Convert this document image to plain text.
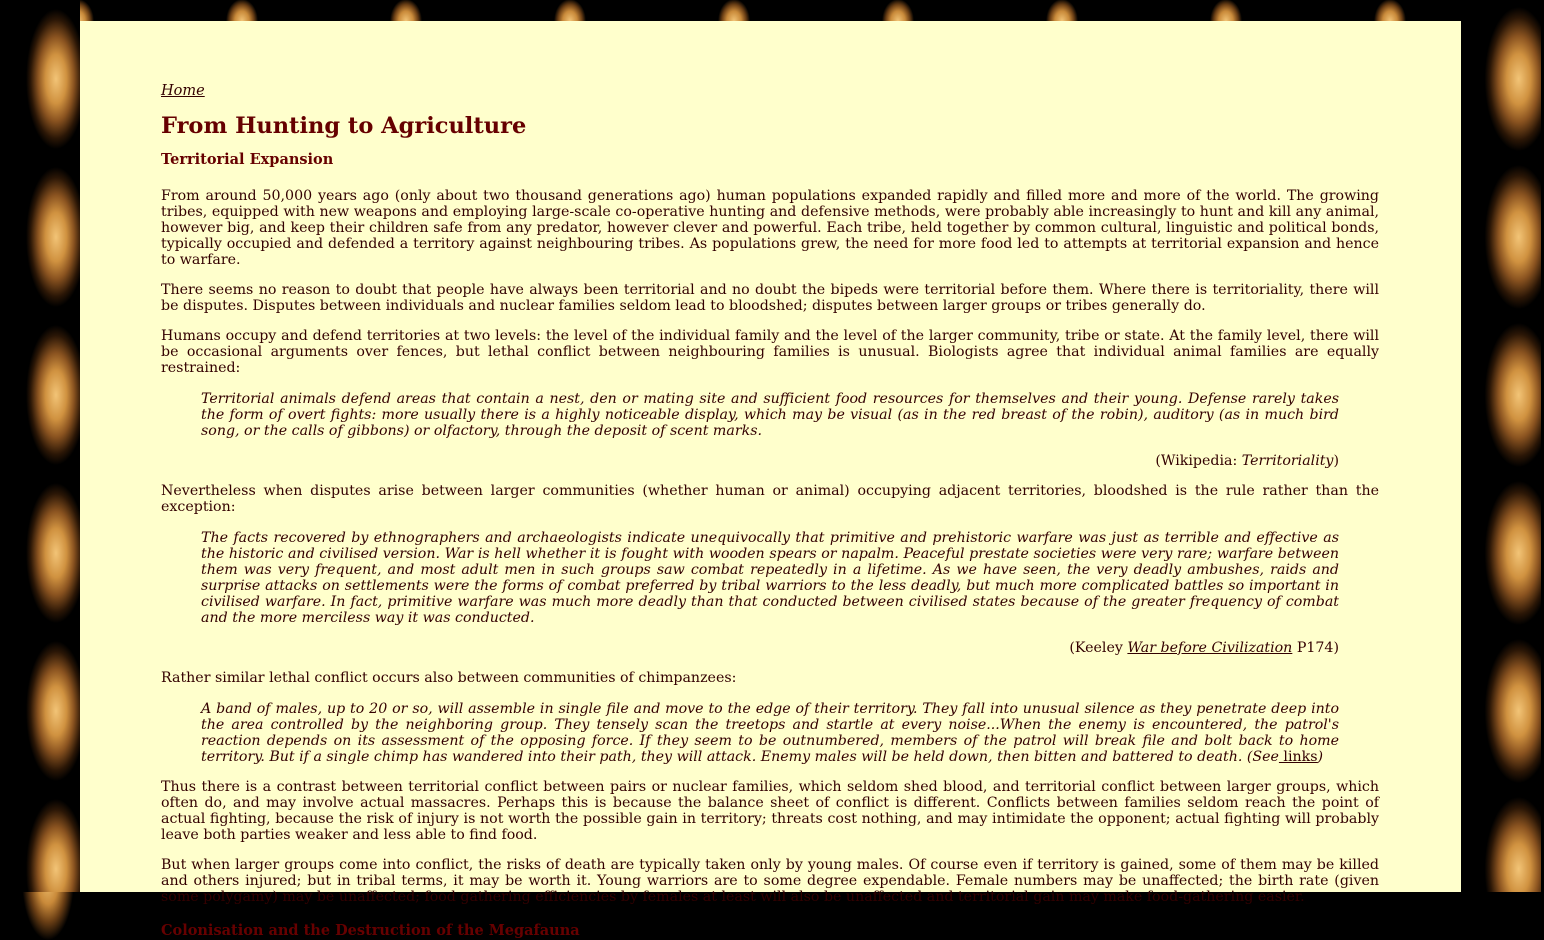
Home
From Hunting to Agriculture
Territorial Expansion

From around 50,000 years ago (only about two thousand generations ago) human populations expanded rapidly and filled more and more of the world. The growing tribes, equipped with new weapons and employing large-scale co-operative hunting and defensive methods, were probably able increasingly to hunt and kill any animal, however big, and keep their children safe from any predator, however clever and powerful. Each tribe, held together by common cultural, linguistic and political bonds, typically occupied and defended a territory against neighbouring tribes. As populations grew, the need for more food led to attempts at territorial expansion and hence to warfare.

There seems no reason to doubt that people have always been territorial and no doubt the bipeds were territorial before them. Where there is territoriality, there will be disputes. Disputes between individuals and nuclear families seldom lead to bloodshed; disputes between larger groups or tribes generally do.

Humans occupy and defend territories at two levels: the level of the individual family and the level of the larger community, tribe or state. At the family level, there will be occasional arguments over fences, but lethal conflict between neighbouring families is unusual. Biologists agree that individual animal families are equally restrained:

Territorial animals defend areas that contain a nest, den or mating site and sufficient food resources for themselves and their young. Defense rarely takes the form of overt fights: more usually there is a highly noticeable display, which may be visual (as in the red breast of the robin), auditory (as in much bird song, or the calls of gibbons) or olfactory, through the deposit of scent marks.
(Wikipedia: Territoriality)

Nevertheless when disputes arise between larger communities (whether human or animal) occupying adjacent territories, bloodshed is the rule rather than the exception:

The facts recovered by ethnographers and archaeologists indicate unequivocally that primitive and prehistoric warfare was just as terrible and effective as the historic and civilised version. War is hell whether it is fought with wooden spears or napalm. Peaceful prestate societies were very rare; warfare between them was very frequent, and most adult men in such groups saw combat repeatedly in a lifetime. As we have seen, the very deadly ambushes, raids and surprise attacks on settlements were the forms of combat preferred by tribal warriors to the less deadly, but much more complicated battles so important in civilised warfare. In fact, primitive warfare was much more deadly than that conducted between civilised states because of the greater frequency of combat and the more merciless way it was conducted.
(Keeley War before Civilization P174)

Rather similar lethal conflict occurs also between communities of chimpanzees:

A band of males, up to 20 or so, will assemble in single file and move to the edge of their territory. They fall into unusual silence as they penetrate deep into the area controlled by the neighboring group. They tensely scan the treetops and startle at every noise...When the enemy is encountered, the patrol's reaction depends on its assessment of the opposing force. If they seem to be outnumbered, members of the patrol will break file and bolt back to home territory. But if a single chimp has wandered into their path, they will attack. Enemy males will be held down, then bitten and battered to death. (See links)

Thus there is a contrast between territorial conflict between pairs or nuclear families, which seldom shed blood, and territorial conflict between larger groups, which often do, and may involve actual massacres. Perhaps this is because the balance sheet of conflict is different. Conflicts between families seldom reach the point of actual fighting, because the risk of injury is not worth the possible gain in territory; threats cost nothing, and may intimidate the opponent; actual fighting will probably leave both parties weaker and less able to find food.

But when larger groups come into conflict, the risks of death are typically taken only by young males. Of course even if territory is gained, some of them may be killed and others injured; but in tribal terms, it may be worth it. Young warriors are to some degree expendable. Female numbers may be unaffected; the birth rate (given some polygamy) may be unaffected; food gathering efficiencies by females at least will also be unaffected and territorial gain may make food-gathering easier.

Colonisation and the Destruction of the Megafauna
